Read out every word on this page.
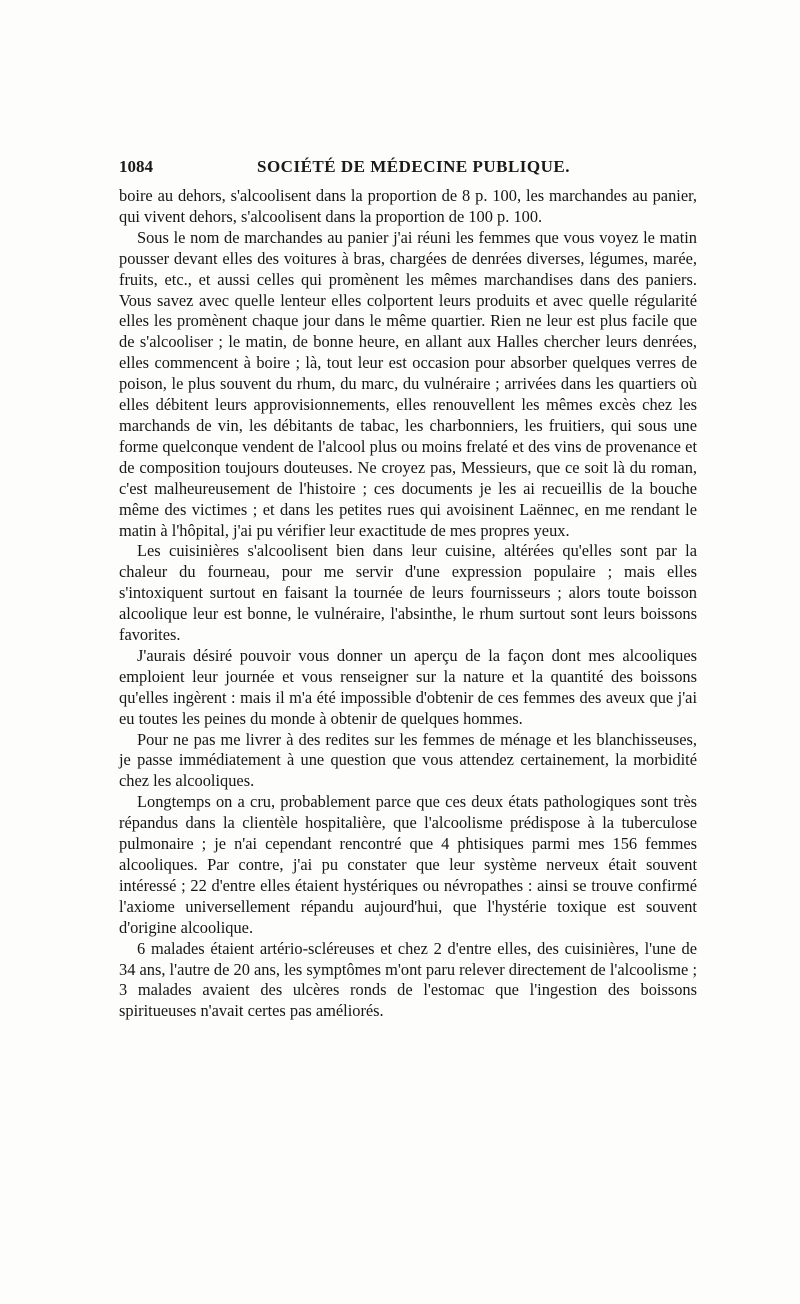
1084	SOCIÉTÉ DE MÉDECINE PUBLIQUE.

boire au dehors, s'alcoolisent dans la proportion de 8 p. 100, les marchandes au panier, qui vivent dehors, s'alcoolisent dans la proportion de 100 p. 100.

Sous le nom de marchandes au panier j'ai réuni les femmes que vous voyez le matin pousser devant elles des voitures à bras, chargées de denrées diverses, légumes, marée, fruits, etc., et aussi celles qui promènent les mêmes marchandises dans des paniers. Vous savez avec quelle lenteur elles colportent leurs produits et avec quelle régularité elles les promènent chaque jour dans le même quartier. Rien ne leur est plus facile que de s'alcooliser ; le matin, de bonne heure, en allant aux Halles chercher leurs denrées, elles commencent à boire ; là, tout leur est occasion pour absorber quelques verres de poison, le plus souvent du rhum, du marc, du vulnéraire ; arrivées dans les quartiers où elles débitent leurs approvisionnements, elles renouvellent les mêmes excès chez les marchands de vin, les débitants de tabac, les charbonniers, les fruitiers, qui sous une forme quelconque vendent de l'alcool plus ou moins frelaté et des vins de provenance et de composition toujours douteuses. Ne croyez pas, Messieurs, que ce soit là du roman, c'est malheureusement de l'histoire ; ces documents je les ai recueillis de la bouche même des victimes ; et dans les petites rues qui avoisinent Laënnec, en me rendant le matin à l'hôpital, j'ai pu vérifier leur exactitude de mes propres yeux.

Les cuisinières s'alcoolisent bien dans leur cuisine, altérées qu'elles sont par la chaleur du fourneau, pour me servir d'une expression populaire ; mais elles s'intoxiquent surtout en faisant la tournée de leurs fournisseurs ; alors toute boisson alcoolique leur est bonne, le vulnéraire, l'absinthe, le rhum surtout sont leurs boissons favorites.

J'aurais désiré pouvoir vous donner un aperçu de la façon dont mes alcooliques emploient leur journée et vous renseigner sur la nature et la quantité des boissons qu'elles ingèrent : mais il m'a été impossible d'obtenir de ces femmes des aveux que j'ai eu toutes les peines du monde à obtenir de quelques hommes.

Pour ne pas me livrer à des redites sur les femmes de ménage et les blanchisseuses, je passe immédiatement à une question que vous attendez certainement, la morbidité chez les alcooliques.

Longtemps on a cru, probablement parce que ces deux états pathologiques sont très répandus dans la clientèle hospitalière, que l'alcoolisme prédispose à la tuberculose pulmonaire ; je n'ai cependant rencontré que 4 phtisiques parmi mes 156 femmes alcooliques. Par contre, j'ai pu constater que leur système nerveux était souvent intéressé ; 22 d'entre elles étaient hystériques ou névropathes : ainsi se trouve confirmé l'axiome universellement répandu aujourd'hui, que l'hystérie toxique est souvent d'origine alcoolique.

6 malades étaient artério-scléreuses et chez 2 d'entre elles, des cuisinières, l'une de 34 ans, l'autre de 20 ans, les symptômes m'ont paru relever directement de l'alcoolisme ; 3 malades avaient des ulcères ronds de l'estomac que l'ingestion des boissons spiritueuses n'avait certes pas améliorés.
